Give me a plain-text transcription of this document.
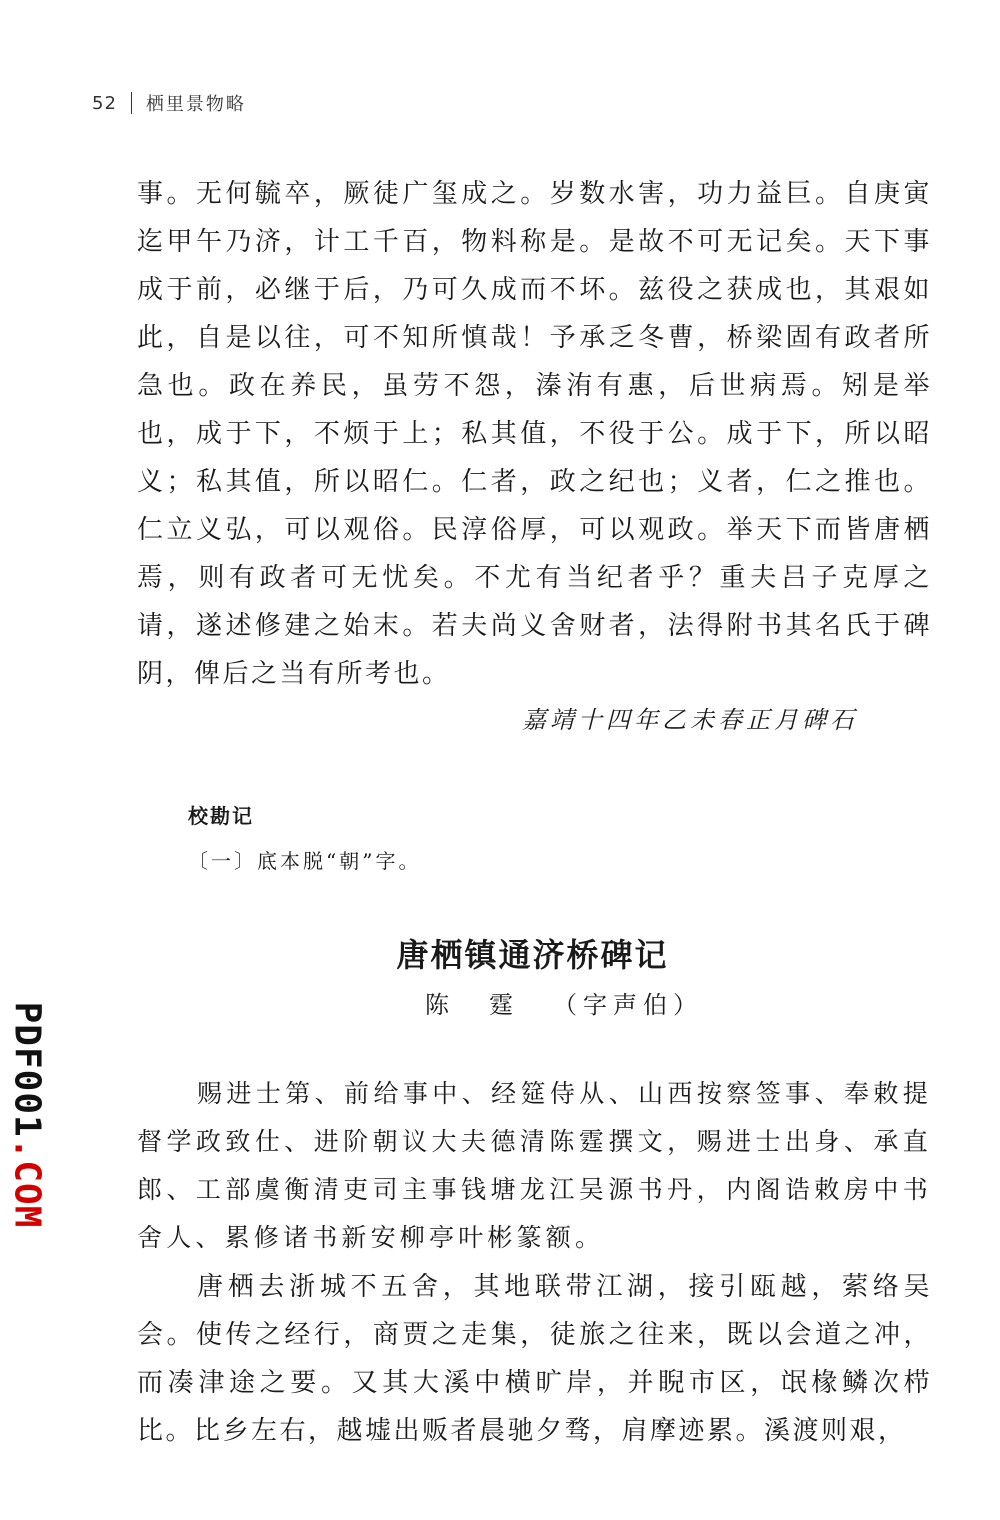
52 栖里景物略

事。无何毓卒，厥徒广玺成之。岁数水害，功力益巨。自庚寅迄甲午乃济，计工千百，物料称是。是故不可无记矣。天下事成于前，必继于后，乃可久成而不坏。兹役之获成也，其艰如此，自是以往，可不知所慎哉！予承乏冬曹，桥梁固有政者所急也。政在养民，虽劳不怨，溱洧有惠，后世病焉。矧是举也，成于下，不烦于上；私其值，不役于公。成于下，所以昭义；私其值，所以昭仁。仁者，政之纪也；义者，仁之推也。仁立义弘，可以观俗。民淳俗厚，可以观政。举天下而皆唐栖焉，则有政者可无忧矣。不尤有当纪者乎？重夫吕子克厚之请，遂述修建之始末。若夫尚义舍财者，法得附书其名氏于碑阴，俾后之当有所考也。

嘉靖十四年乙未春正月碑石
校勘记
〔一〕底本脱“朝”字。
唐栖镇通济桥碑记
陈霆（字声伯）

赐进士第、前给事中、经筵侍从、山西按察签事、奉敕提督学政致仕、进阶朝议大夫德清陈霆撰文，赐进士出身、承直郎、工部虞衡清吏司主事钱塘龙江吴源书丹，内阁诰敕房中书舍人、累修诸书新安柳亭叶彬篆额。

唐栖去浙城不五舍，其地联带江湖，接引瓯越，萦络吴会。使传之经行，商贾之走集，徒旅之往来，既以会道之冲，而凑津途之要。又其大溪中横旷岸，并睨市区，氓椽鳞次栉比。比乡左右，越墟出贩者晨驰夕骛，肩摩迹累。溪渡则艰，

PDF001.COM
